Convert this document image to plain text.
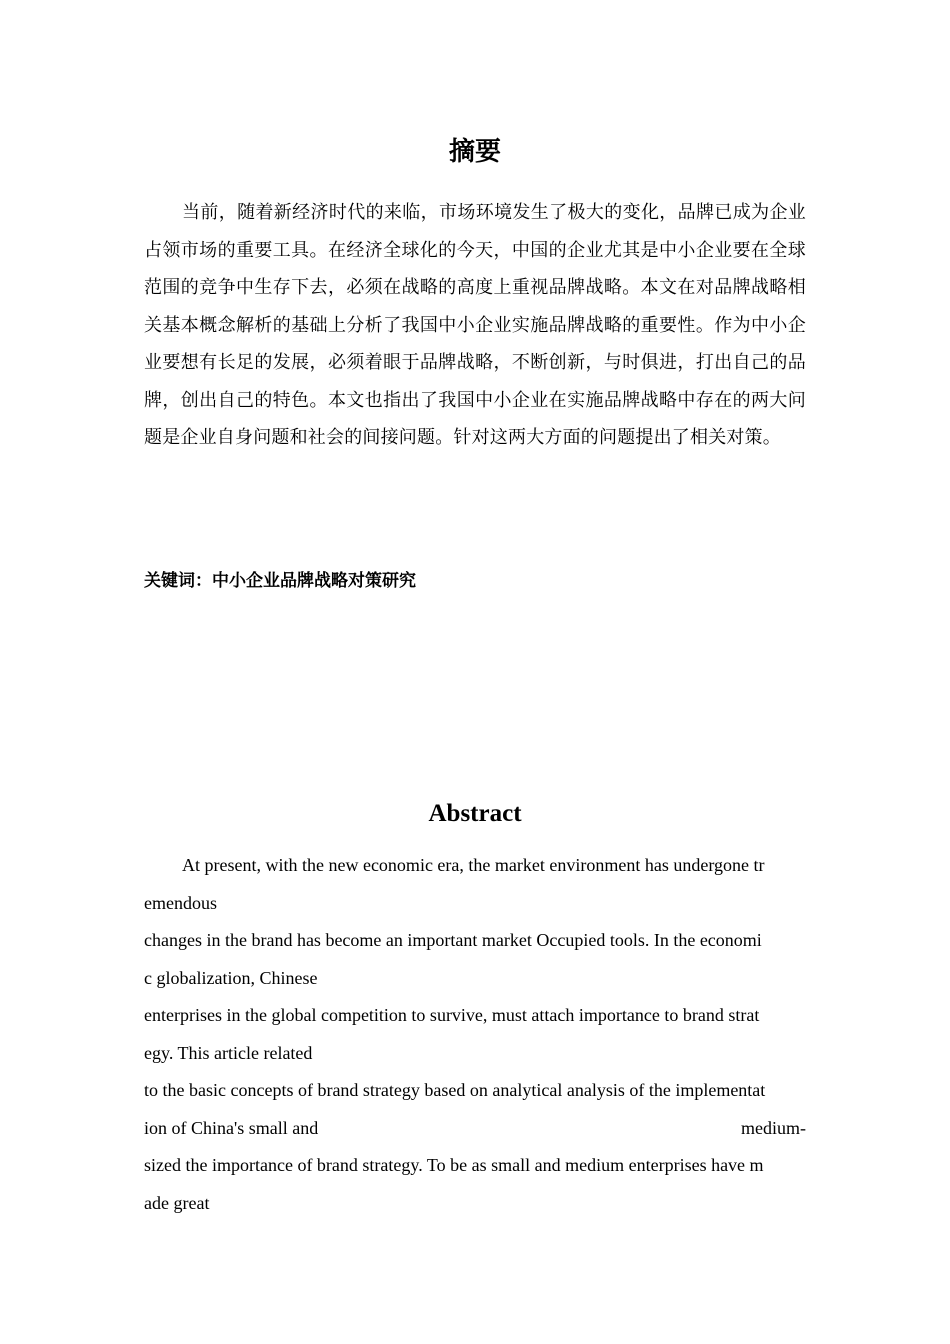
摘要

当前，随着新经济时代的来临，市场环境发生了极大的变化，品牌已成为企业占领市场的重要工具。在经济全球化的今天，中国的企业尤其是中小企业要在全球范围的竞争中生存下去，必须在战略的高度上重视品牌战略。本文在对品牌战略相关基本概念解析的基础上分析了我国中小企业实施品牌战略的重要性。作为中小企业要想有长足的发展，必须着眼于品牌战略，不断创新，与时俱进，打出自己的品牌，创出自己的特色。本文也指出了我国中小企业在实施品牌战略中存在的两大问题是企业自身问题和社会的间接问题。针对这两大方面的问题提出了相关对策。

关键词：中小企业品牌战略对策研究
Abstract
At present, with the new economic era, the market environment has undergone tr
emendous
changes in the brand has become an important market Occupied tools. In the economi
c globalization, Chinese
enterprises in the global competition to survive, must attach importance to brand strat
egy. This article related
to the basic concepts of brand strategy based on analytical analysis of the implementat
ion of China's small and	medium-
sized the importance of brand strategy. To be as small and medium enterprises have m
ade great
